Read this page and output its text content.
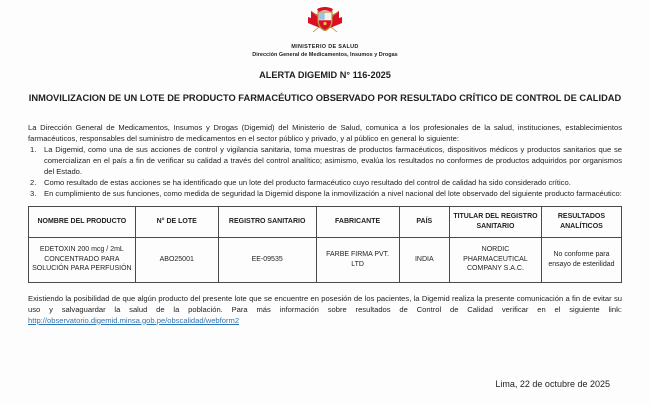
MINISTERIO DE SALUD
Dirección General de Medicamentos, Insumos y Drogas
ALERTA DIGEMID N° 116-2025
INMOVILIZACION DE UN LOTE DE PRODUCTO FARMACÉUTICO OBSERVADO POR RESULTADO CRÍTICO DE CONTROL DE CALIDAD

La Dirección General de Medicamentos, Insumos y Drogas (Digemid) del Ministerio de Salud, comunica a los profesionales de la salud, instituciones, establecimientos farmacéuticos, responsables del suministro de medicamentos en el sector público y privado, y al público en general lo siguiente:

1.	La Digemid, como una de sus acciones de control y vigilancia sanitaria, toma muestras de productos farmacéuticos, dispositivos médicos y productos sanitarios que se comercializan en el país a fin de verificar su calidad a través del control analítico; asimismo, evalúa los resultados no conformes de productos adquiridos por organismos del Estado.
2.	Como resultado de estas acciones se ha identificado que un lote del producto farmacéutico cuyo resultado del control de calidad ha sido considerado crítico.
3.	En cumplimiento de sus funciones, como medida de seguridad la Digemid dispone la inmovilización a nivel nacional del lote observado del siguiente producto farmacéutico:
NOMBRE DEL PRODUCTO	N° DE LOTE	REGISTRO SANITARIO	FABRICANTE	PAÍS	TITULAR DEL REGISTRO SANITARIO	RESULTADOS ANALÍTICOS
EDETOXIN 200 mcg / 2mL CONCENTRADO PARA SOLUCIÓN PARA PERFUSIÓN	ABO25001	EE-09535	FARBE FIRMA PVT. LTD	INDIA	NORDIC PHARMACEUTICAL COMPANY S.A.C.	No conforme para ensayo de esterilidad

Existiendo la posibilidad de que algún producto del presente lote que se encuentre en posesión de los pacientes, la Digemid realiza la presente comunicación a fin de evitar su uso y salvaguardar la salud de la población. Para más información sobre resultados de Control de Calidad verificar en el siguiente link: http://observatorio.digemid.minsa.gob.pe/obscalidad/webform2

Lima, 22 de octubre de 2025
